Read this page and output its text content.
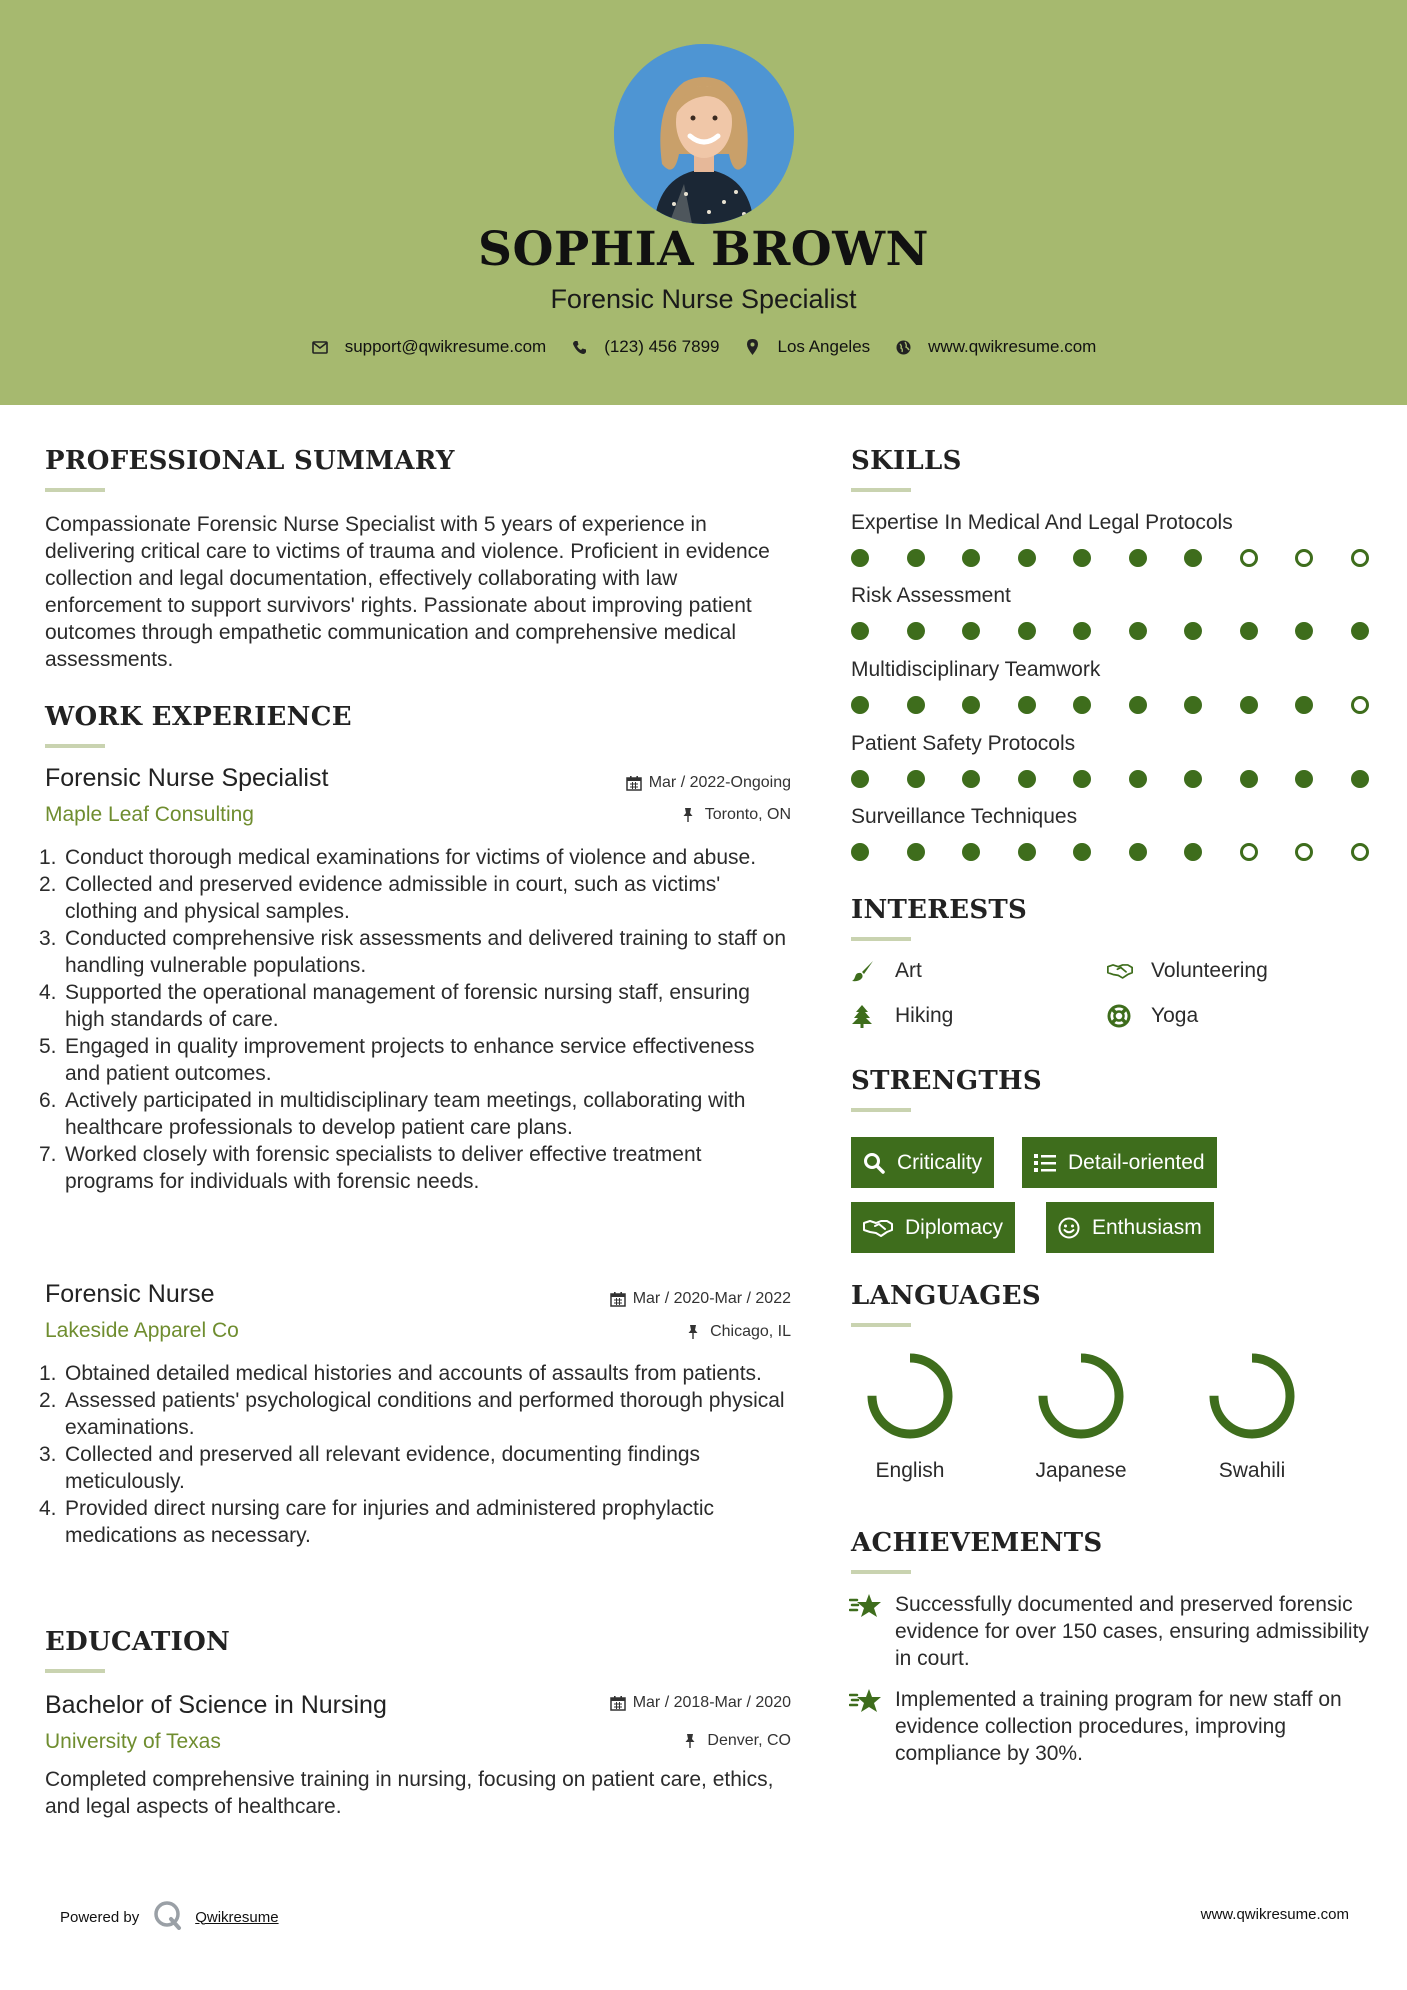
SOPHIA BROWN
Forensic Nurse Specialist
support@qwikresume.com	(123) 456 7899	Los Angeles	www.qwikresume.com
PROFESSIONAL SUMMARY
Compassionate Forensic Nurse Specialist with 5 years of experience in delivering critical care to victims of trauma and violence. Proficient in evidence collection and legal documentation, effectively collaborating with law enforcement to support survivors' rights. Passionate about improving patient outcomes through empathetic communication and comprehensive medical assessments.
WORK EXPERIENCE
Forensic Nurse Specialist	Mar / 2022-Ongoing
Maple Leaf Consulting	Toronto, ON
1. Conduct thorough medical examinations for victims of violence and abuse.
2. Collected and preserved evidence admissible in court, such as victims' clothing and physical samples.
3. Conducted comprehensive risk assessments and delivered training to staff on handling vulnerable populations.
4. Supported the operational management of forensic nursing staff, ensuring high standards of care.
5. Engaged in quality improvement projects to enhance service effectiveness and patient outcomes.
6. Actively participated in multidisciplinary team meetings, collaborating with healthcare professionals to develop patient care plans.
7. Worked closely with forensic specialists to deliver effective treatment programs for individuals with forensic needs.
Forensic Nurse	Mar / 2020-Mar / 2022
Lakeside Apparel Co	Chicago, IL
1. Obtained detailed medical histories and accounts of assaults from patients.
2. Assessed patients' psychological conditions and performed thorough physical examinations.
3. Collected and preserved all relevant evidence, documenting findings meticulously.
4. Provided direct nursing care for injuries and administered prophylactic medications as necessary.
EDUCATION
Bachelor of Science in Nursing	Mar / 2018-Mar / 2020
University of Texas	Denver, CO
Completed comprehensive training in nursing, focusing on patient care, ethics, and legal aspects of healthcare.
SKILLS
Expertise In Medical And Legal Protocols
Risk Assessment
Multidisciplinary Teamwork
Patient Safety Protocols
Surveillance Techniques
INTERESTS
Art	Volunteering
Hiking	Yoga
STRENGTHS
Criticality	Detail-oriented
Diplomacy	Enthusiasm
LANGUAGES
English	Japanese	Swahili
ACHIEVEMENTS
Successfully documented and preserved forensic evidence for over 150 cases, ensuring admissibility in court.
Implemented a training program for new staff on evidence collection procedures, improving compliance by 30%.
Powered by	Qwikresume	www.qwikresume.com
